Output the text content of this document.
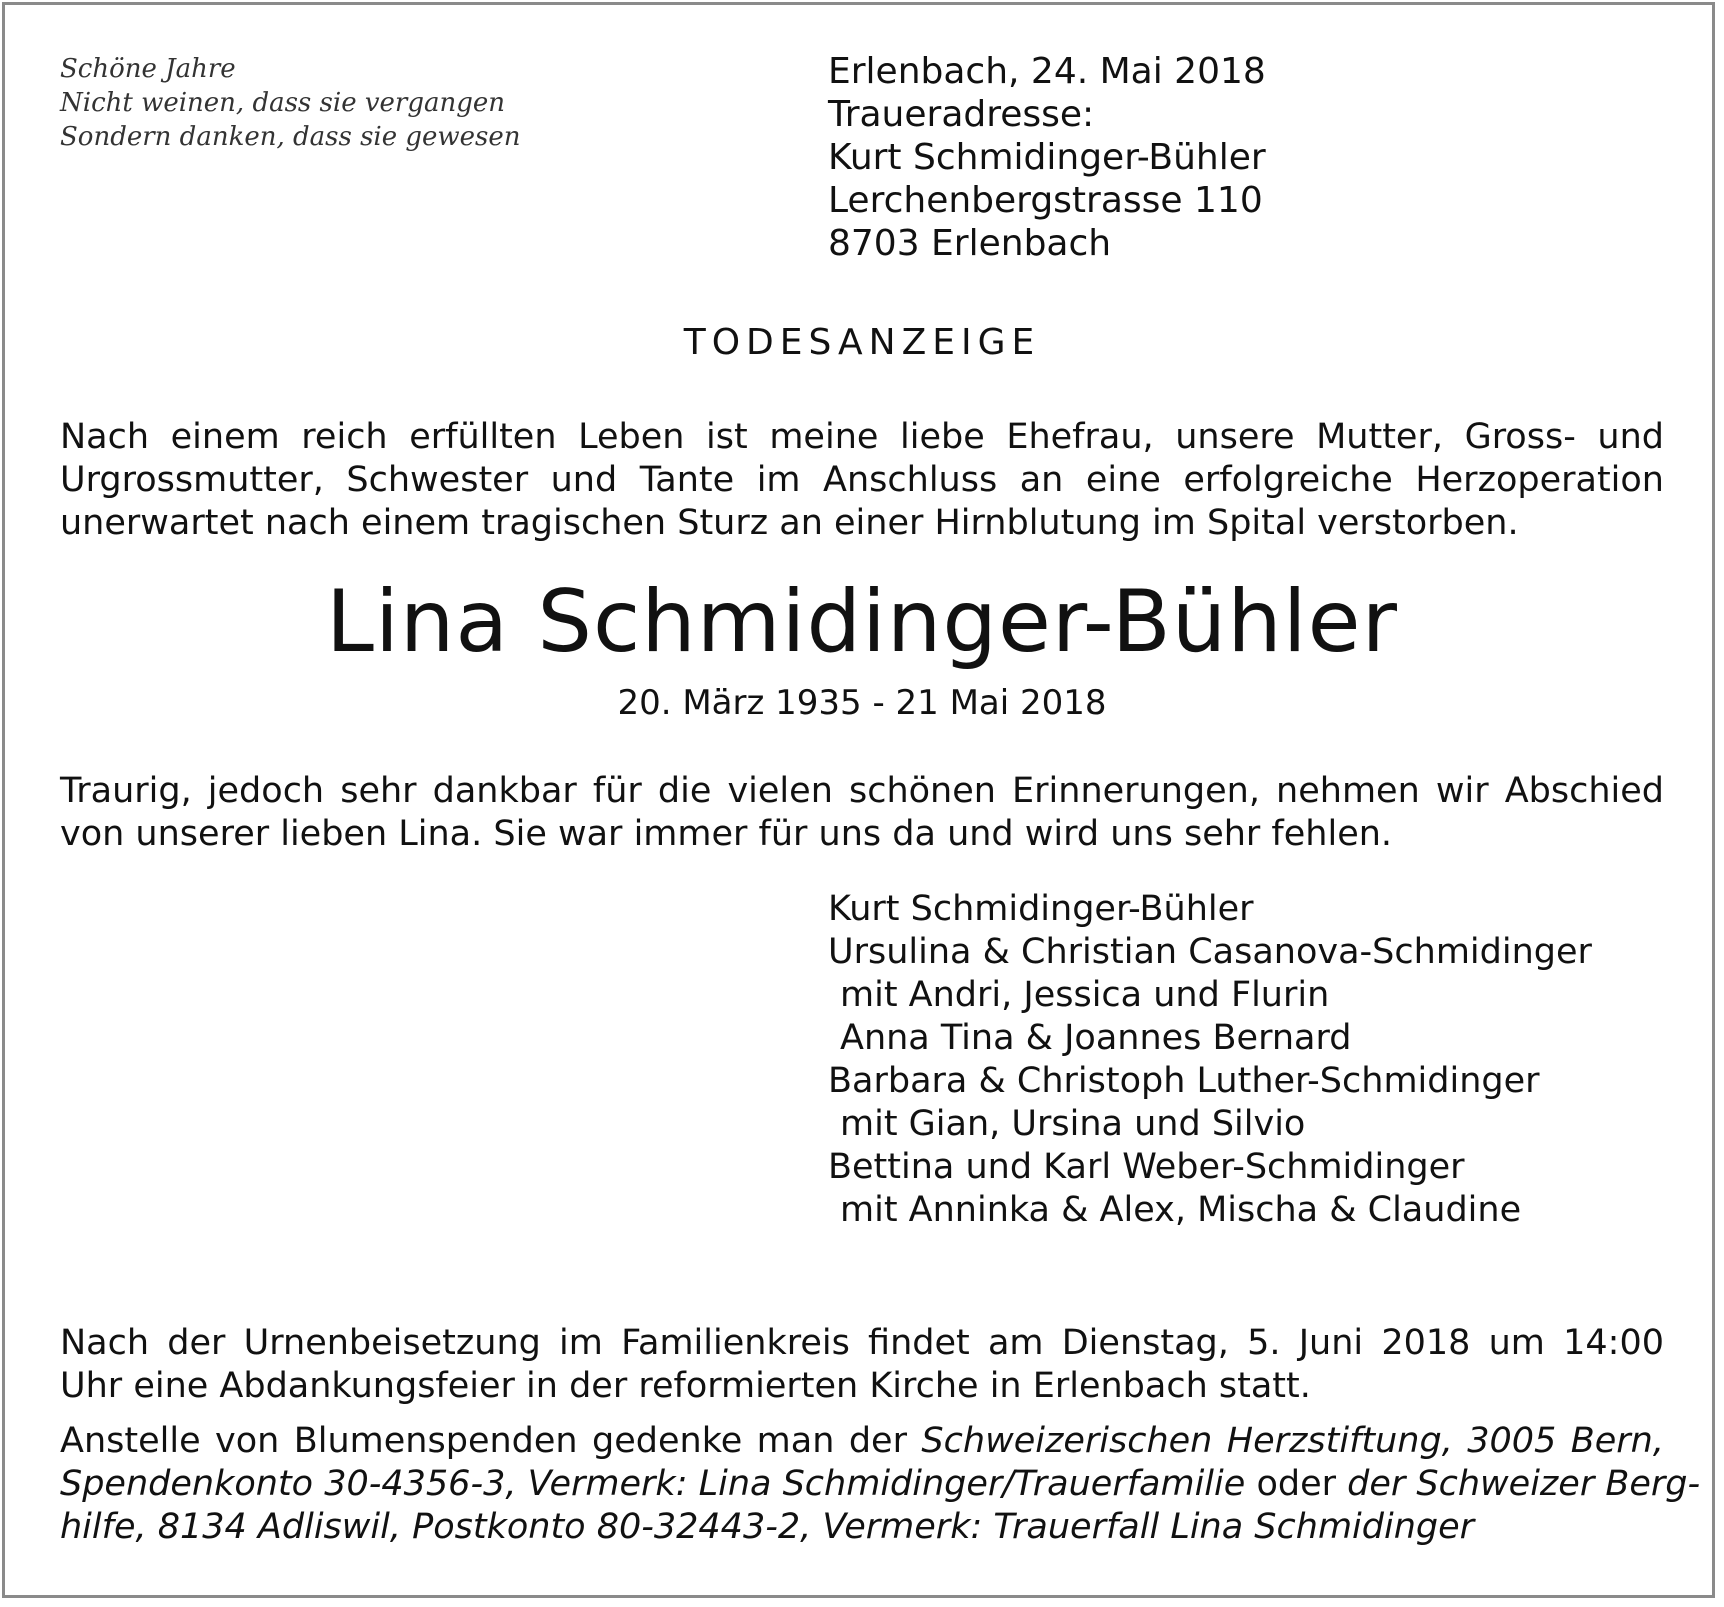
Schöne Jahre
Nicht weinen, dass sie vergangen
Sondern danken, dass sie gewesen
Erlenbach, 24. Mai 2018
Traueradresse:
Kurt Schmidinger-Bühler
Lerchenbergstrasse 110
8703 Erlenbach
TODESANZEIGE
Nach einem reich erfüllten Leben ist meine liebe Ehefrau, unsere Mutter, Gross- und
Urgrossmutter, Schwester und Tante im Anschluss an eine erfolgreiche Herzoperation
unerwartet nach einem tragischen Sturz an einer Hirnblutung im Spital verstorben.
Lina Schmidinger-Bühler
20. März 1935 - 21 Mai 2018
Traurig, jedoch sehr dankbar für die vielen schönen Erinnerungen, nehmen wir Abschied
von unserer lieben Lina. Sie war immer für uns da und wird uns sehr fehlen.
Kurt Schmidinger-Bühler
Ursulina & Christian Casanova-Schmidinger
mit Andri, Jessica und Flurin
Anna Tina & Joannes Bernard
Barbara & Christoph Luther-Schmidinger
mit Gian, Ursina und Silvio
Bettina und Karl Weber-Schmidinger
mit Anninka & Alex, Mischa & Claudine
Nach der Urnenbeisetzung im Familienkreis findet am Dienstag, 5. Juni 2018 um 14:00
Uhr eine Abdankungsfeier in der reformierten Kirche in Erlenbach statt.
Anstelle von Blumenspenden gedenke man der Schweizerischen Herzstiftung, 3005 Bern,
Spendenkonto 30-4356-3, Vermerk: Lina Schmidinger/Trauerfamilie oder der Schweizer Berg-
hilfe, 8134 Adliswil, Postkonto 80-32443-2, Vermerk: Trauerfall Lina Schmidinger
